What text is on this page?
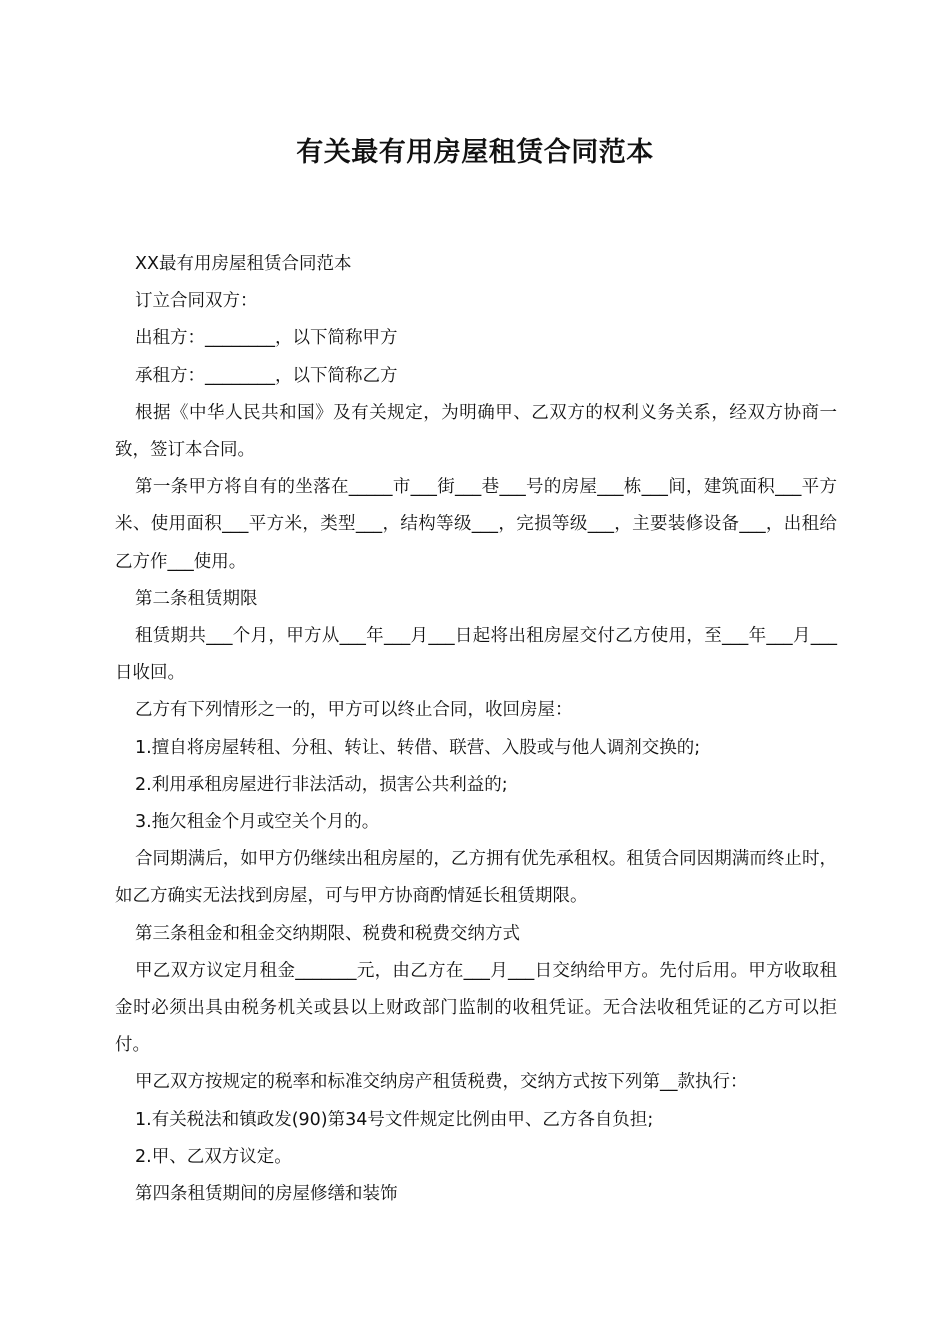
有关最有用房屋租赁合同范本

XX最有用房屋租赁合同范本

订立合同双方：

出租方：________，以下简称甲方

承租方：________，以下简称乙方

根据《中华人民共和国》及有关规定，为明确甲、乙双方的权利义务关系，经双方协商一致，签订本合同。

第一条甲方将自有的坐落在_____市___街___巷___号的房屋___栋___间，建筑面积___平方米、使用面积___平方米，类型___，结构等级___，完损等级___，主要装修设备___，出租给乙方作___使用。

第二条租赁期限

租赁期共___个月，甲方从___年___月___日起将出租房屋交付乙方使用，至___年___月___日收回。

乙方有下列情形之一的，甲方可以终止合同，收回房屋：

1.擅自将房屋转租、分租、转让、转借、联营、入股或与他人调剂交换的;

2.利用承租房屋进行非法活动，损害公共利益的;

3.拖欠租金个月或空关个月的。

合同期满后，如甲方仍继续出租房屋的，乙方拥有优先承租权。租赁合同因期满而终止时，如乙方确实无法找到房屋，可与甲方协商酌情延长租赁期限。

第三条租金和租金交纳期限、税费和税费交纳方式

甲乙双方议定月租金_______元，由乙方在___月___日交纳给甲方。先付后用。甲方收取租金时必须出具由税务机关或县以上财政部门监制的收租凭证。无合法收租凭证的乙方可以拒付。

甲乙双方按规定的税率和标准交纳房产租赁税费，交纳方式按下列第__款执行：

1.有关税法和镇政发(90)第34号文件规定比例由甲、乙方各自负担;

2.甲、乙双方议定。

第四条租赁期间的房屋修缮和装饰
